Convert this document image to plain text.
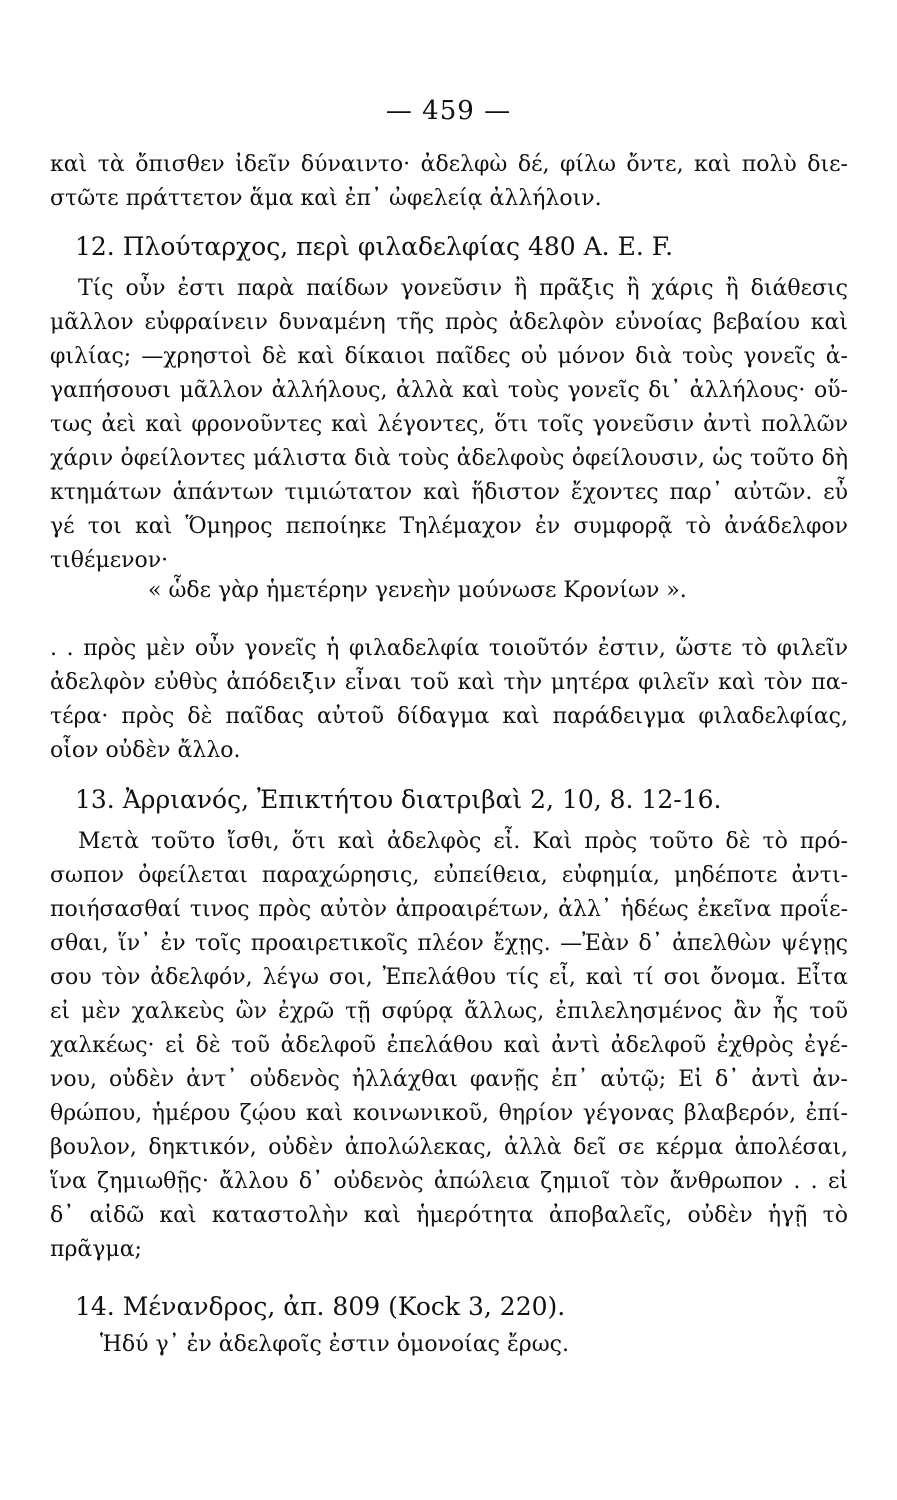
— 459 —
καὶ τὰ ὄπισθεν ἰδεῖν δύναιντο· ἀδελφὼ δέ, φίλω ὄντε, καὶ πολὺ διε-
στῶτε πράττετον ἅμα καὶ ἐπ᾽ ὠφελείᾳ ἀλλήλοιν.
12. Πλούταρχος, περὶ φιλαδελφίας 480 A. E. F.
Τίς οὖν ἐστι παρὰ παίδων γονεῦσιν ἢ πρᾶξις ἢ χάρις ἢ διάθεσις
μᾶλλον εὐφραίνειν δυναμένη τῆς πρὸς ἀδελφὸν εὐνοίας βεβαίου καὶ
φιλίας; —χρηστοὶ δὲ καὶ δίκαιοι παῖδες οὐ μόνον διὰ τοὺς γονεῖς ἀ-
γαπήσουσι μᾶλλον ἀλλήλους, ἀλλὰ καὶ τοὺς γονεῖς δι᾽ ἀλλήλους· οὕ-
τως ἀεὶ καὶ φρονοῦντες καὶ λέγοντες, ὅτι τοῖς γονεῦσιν ἀντὶ πολλῶν
χάριν ὀφείλοντες μάλιστα διὰ τοὺς ἀδελφοὺς ὀφείλουσιν, ὡς τοῦτο δὴ
κτημάτων ἁπάντων τιμιώτατον καὶ ἥδιστον ἔχοντες παρ᾽ αὐτῶν. εὖ
γέ τοι καὶ Ὅμηρος πεποίηκε Τηλέμαχον ἐν συμφορᾷ τὸ ἀνάδελφον
τιθέμενον·
« ὧδε γὰρ ἡμετέρην γενεὴν μούνωσε Κρονίων ».
. . πρὸς μὲν οὖν γονεῖς ἡ φιλαδελφία τοιοῦτόν ἐστιν, ὥστε τὸ φιλεῖν
ἀδελφὸν εὐθὺς ἀπόδειξιν εἶναι τοῦ καὶ τὴν μητέρα φιλεῖν καὶ τὸν πα-
τέρα· πρὸς δὲ παῖδας αὐτοῦ δίδαγμα καὶ παράδειγμα φιλαδελφίας,
οἷον οὐδὲν ἄλλο.
13. Ἀρριανός, Ἐπικτήτου διατριβαὶ 2, 10, 8. 12-16.
Μετὰ τοῦτο ἴσθι, ὅτι καὶ ἀδελφὸς εἶ. Καὶ πρὸς τοῦτο δὲ τὸ πρό-
σωπον ὀφείλεται παραχώρησις, εὐπείθεια, εὐφημία, μηδέποτε ἀντι-
ποιήσασθαί τινος πρὸς αὐτὸν ἀπροαιρέτων, ἀλλ᾽ ἡδέως ἐκεῖνα προΐε-
σθαι, ἵν᾽ ἐν τοῖς προαιρετικοῖς πλέον ἔχῃς. —Ἐὰν δ᾽ ἀπελθὼν ψέγῃς
σου τὸν ἀδελφόν, λέγω σοι, Ἐπελάθου τίς εἶ, καὶ τί σοι ὄνομα. Εἶτα
εἰ μὲν χαλκεὺς ὢν ἐχρῶ τῇ σφύρᾳ ἄλλως, ἐπιλελησμένος ἂν ἦς τοῦ
χαλκέως· εἰ δὲ τοῦ ἀδελφοῦ ἐπελάθου καὶ ἀντὶ ἀδελφοῦ ἐχθρὸς ἐγέ-
νου, οὐδὲν ἀντ᾽ οὐδενὸς ἠλλάχθαι φανῇς ἐπ᾽ αὐτῷ; Εἰ δ᾽ ἀντὶ ἀν-
θρώπου, ἡμέρου ζῴου καὶ κοινωνικοῦ, θηρίον γέγονας βλαβερόν, ἐπί-
βουλον, δηκτικόν, οὐδὲν ἀπολώλεκας, ἀλλὰ δεῖ σε κέρμα ἀπολέσαι,
ἵνα ζημιωθῇς· ἄλλου δ᾽ οὐδενὸς ἀπώλεια ζημιοῖ τὸν ἄνθρωπον . . εἰ
δ᾽ αἰδῶ καὶ καταστολὴν καὶ ἡμερότητα ἀποβαλεῖς, οὐδὲν ἡγῇ τὸ
πρᾶγμα;
14. Μένανδρος, ἀπ. 809 (Kock 3, 220).
Ἡδύ γ᾽ ἐν ἀδελφοῖς ἐστιν ὁμονοίας ἔρως.
